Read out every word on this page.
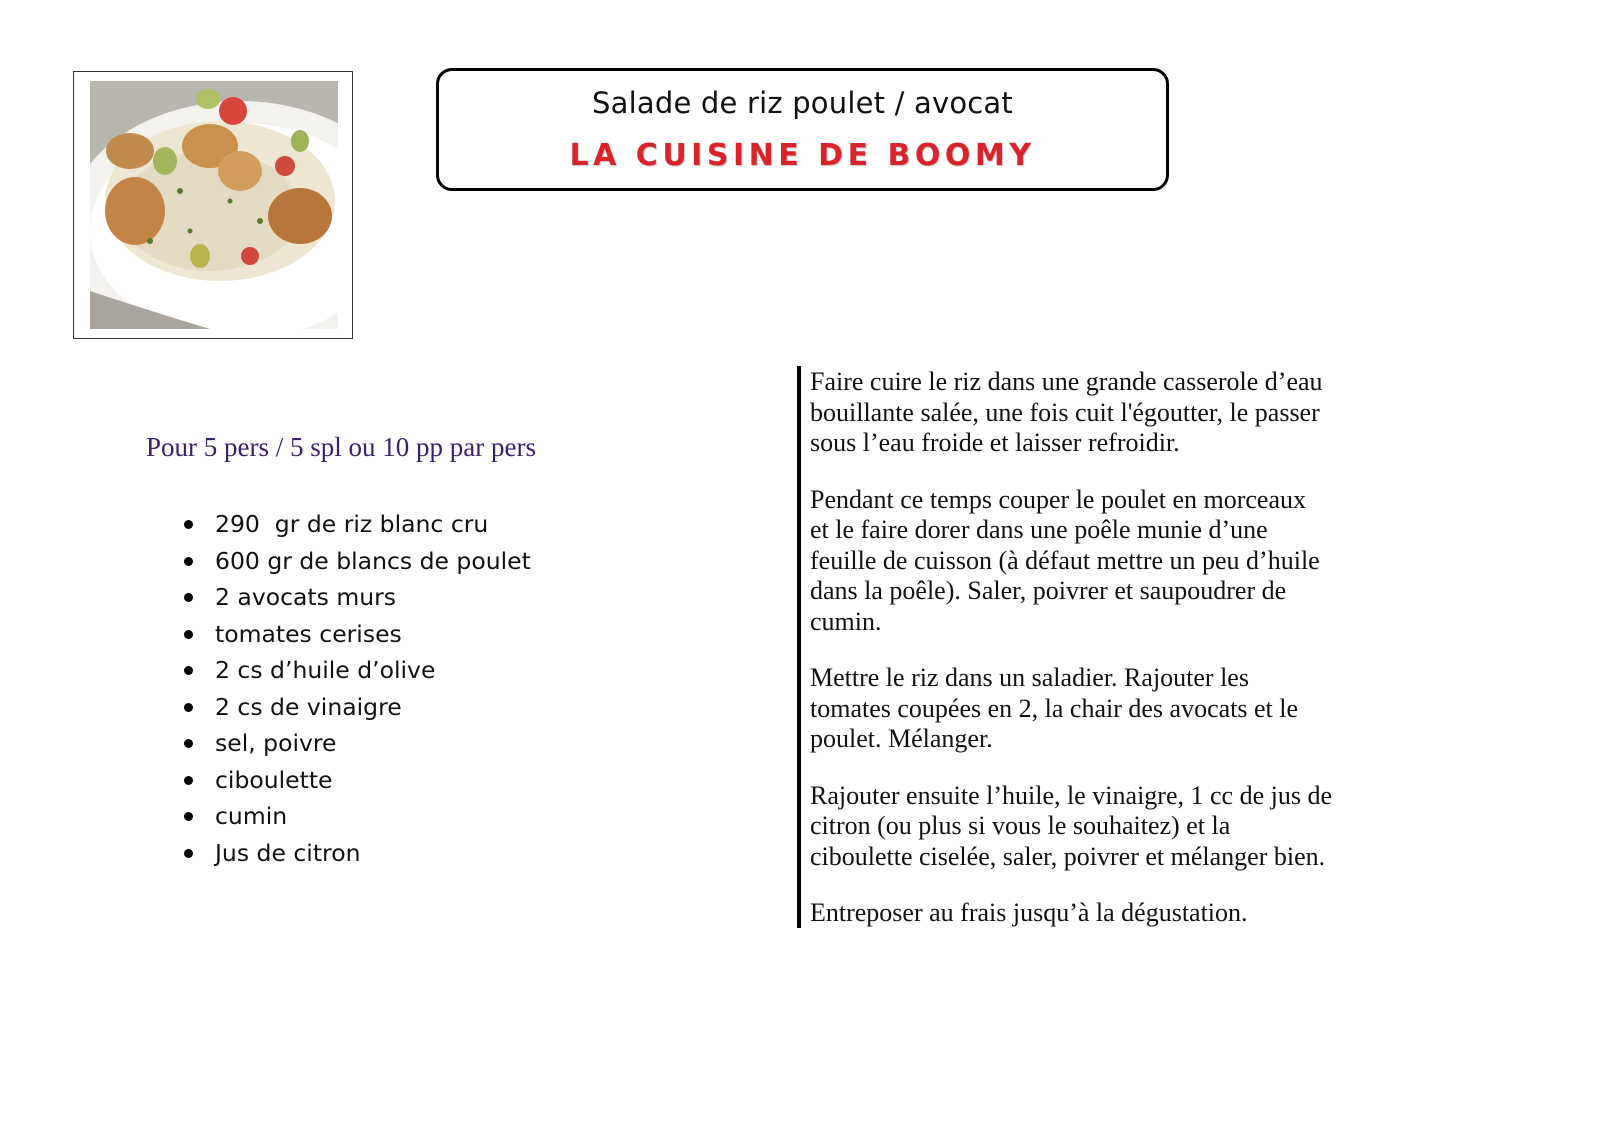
Salade de riz poulet / avocat
LA CUISINE DE BOOMY
Pour 5 pers / 5 spl ou 10 pp par pers
290  gr de riz blanc cru
600 gr de blancs de poulet
2 avocats murs
tomates cerises
2 cs d’huile d’olive
2 cs de vinaigre
sel, poivre
ciboulette
cumin
Jus de citron

Faire cuire le riz dans une grande casserole d’eau
bouillante salée, une fois cuit l'égoutter, le passer
sous l’eau froide et laisser refroidir.

Pendant ce temps couper le poulet en morceaux
et le faire dorer dans une poêle munie d’une
feuille de cuisson (à défaut mettre un peu d’huile
dans la poêle). Saler, poivrer et saupoudrer de
cumin.

Mettre le riz dans un saladier. Rajouter les
tomates coupées en 2, la chair des avocats et le
poulet. Mélanger.

Rajouter ensuite l’huile, le vinaigre, 1 cc de jus de
citron (ou plus si vous le souhaitez) et la
ciboulette ciselée, saler, poivrer et mélanger bien.

Entreposer au frais jusqu’à la dégustation.
